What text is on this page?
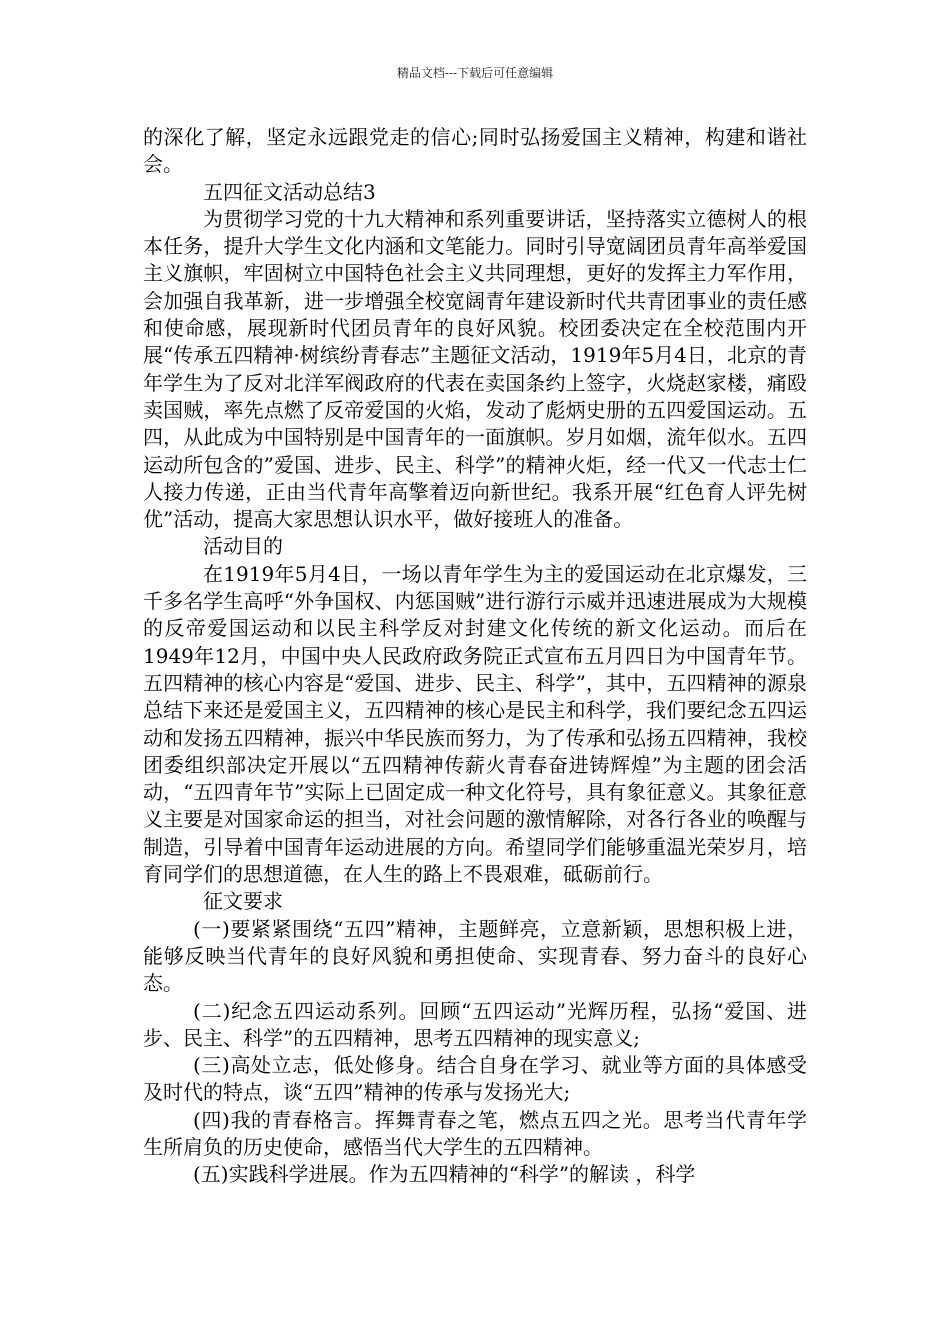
精品文档---下载后可任意编辑

的深化了解，坚定永远跟党走的信心;同时弘扬爱国主义精神，构建和谐社会。

五四征文活动总结3

为贯彻学习党的十九大精神和系列重要讲话，坚持落实立德树人的根本任务，提升大学生文化内涵和文笔能力。同时引导宽阔团员青年高举爱国主义旗帜，牢固树立中国特色社会主义共同理想，更好的发挥主力军作用，会加强自我革新，进一步增强全校宽阔青年建设新时代共青团事业的责任感和使命感，展现新时代团员青年的良好风貌。校团委决定在全校范围内开展“传承五四精神·树缤纷青春志”主题征文活动，1919年5月4日，北京的青年学生为了反对北洋军阀政府的代表在卖国条约上签字，火烧赵家楼，痛殴卖国贼，率先点燃了反帝爱国的火焰，发动了彪炳史册的五四爱国运动。五四，从此成为中国特别是中国青年的一面旗帜。岁月如烟，流年似水。五四运动所包含的”爱国、进步、民主、科学”的精神火炬，经一代又一代志士仁人接力传递，正由当代青年高擎着迈向新世纪。我系开展“红色育人评先树优”活动，提高大家思想认识水平，做好接班人的准备。

活动目的

在1919年5月4日，一场以青年学生为主的爱国运动在北京爆发，三千多名学生高呼“外争国权、内惩国贼”进行游行示威并迅速进展成为大规模的反帝爱国运动和以民主科学反对封建文化传统的新文化运动。而后在1949年12月，中国中央人民政府政务院正式宣布五月四日为中国青年节。五四精神的核心内容是“爱国、进步、民主、科学”，其中，五四精神的源泉总结下来还是爱国主义，五四精神的核心是民主和科学，我们要纪念五四运动和发扬五四精神，振兴中华民族而努力，为了传承和弘扬五四精神，我校团委组织部决定开展以“五四精神传薪火青春奋进铸辉煌”为主题的团会活动，“五四青年节”实际上已固定成一种文化符号，具有象征意义。其象征意义主要是对国家命运的担当，对社会问题的激情解除，对各行各业的唤醒与制造，引导着中国青年运动进展的方向。希望同学们能够重温光荣岁月，培育同学们的思想道德，在人生的路上不畏艰难，砥砺前行。

征文要求

(一)要紧紧围绕“五四”精神，主题鲜亮，立意新颖，思想积极上进，能够反映当代青年的良好风貌和勇担使命、实现青春、努力奋斗的良好心态。

(二)纪念五四运动系列。回顾“五四运动”光辉历程，弘扬“爱国、进步、民主、科学”的五四精神，思考五四精神的现实意义;

(三)高处立志，低处修身。结合自身在学习、就业等方面的具体感受及时代的特点，谈“五四”精神的传承与发扬光大;

(四)我的青春格言。挥舞青春之笔，燃点五四之光。思考当代青年学生所肩负的历史使命，感悟当代大学生的五四精神。

(五)实践科学进展。作为五四精神的“科学”的解读 ，科学
